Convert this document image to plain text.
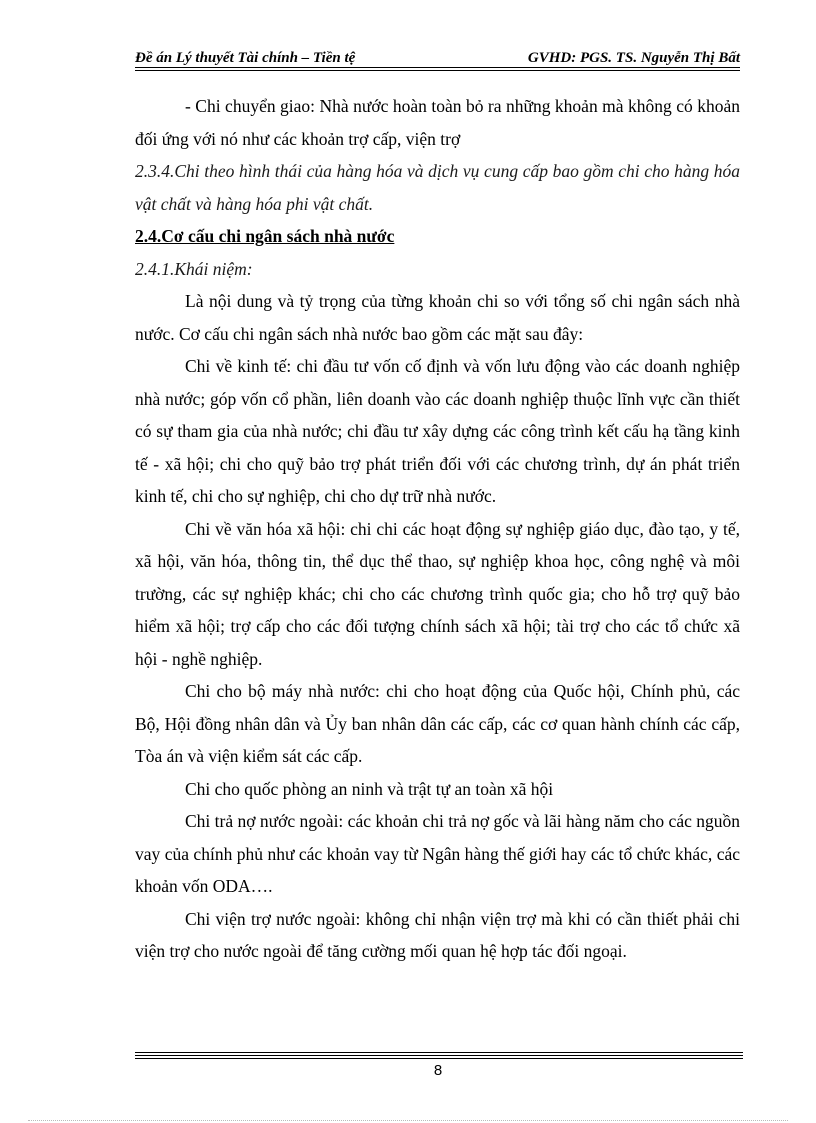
Đề án Lý thuyết Tài chính – Tiền tệ	GVHD: PGS. TS. Nguyễn Thị Bất

- Chi chuyển giao: Nhà nước hoàn toàn bỏ ra những khoản mà không có khoản đối ứng với nó như các khoản trợ cấp, viện trợ

2.3.4.Chi theo hình thái của hàng hóa và dịch vụ cung cấp bao gồm chi cho hàng hóa vật chất và hàng hóa phi vật chất.

2.4.Cơ cấu chi ngân sách nhà nước

2.4.1.Khái niệm:

Là nội dung và tỷ trọng của từng khoản chi so với tổng số chi ngân sách nhà nước. Cơ cấu chi ngân sách nhà nước bao gồm các mặt sau đây:

Chi về kinh tế: chi đầu tư vốn cố định và vốn lưu động vào các doanh nghiệp nhà nước; góp vốn cổ phần, liên doanh vào các doanh nghiệp thuộc lĩnh vực cần thiết có sự tham gia của nhà nước; chi đầu tư xây dựng các công trình kết cấu hạ tầng kinh tế - xã hội; chi cho quỹ bảo trợ phát triển đối với các chương trình, dự án phát triển kinh tế, chi cho sự nghiệp, chi cho dự trữ nhà nước.

Chi về văn hóa xã hội: chi chi các hoạt động sự nghiệp giáo dục, đào tạo, y tế, xã hội, văn hóa, thông tin, thể dục thể thao, sự nghiệp khoa học, công nghệ và môi trường, các sự nghiệp khác; chi cho các chương trình quốc gia; cho hỗ trợ quỹ bảo hiểm xã hội; trợ cấp cho các đối tượng chính sách xã hội; tài trợ cho các tổ chức xã hội - nghề nghiệp.

Chi cho bộ máy nhà nước: chi cho hoạt động của Quốc hội, Chính phủ, các Bộ, Hội đồng nhân dân và Ủy ban nhân dân các cấp, các cơ quan hành chính các cấp, Tòa án và viện kiểm sát các cấp.

Chi cho quốc phòng an ninh và trật tự an toàn xã hội

Chi trả nợ nước ngoài: các khoản chi trả nợ gốc và lãi hàng năm cho các nguồn vay của chính phủ như các khoản vay từ Ngân hàng thế giới hay các tổ chức khác, các khoản vốn ODA….

Chi viện trợ nước ngoài: không chỉ nhận viện trợ mà khi có cần thiết phải chi viện trợ cho nước ngoài để tăng cường mối quan hệ hợp tác đối ngoại.

8
